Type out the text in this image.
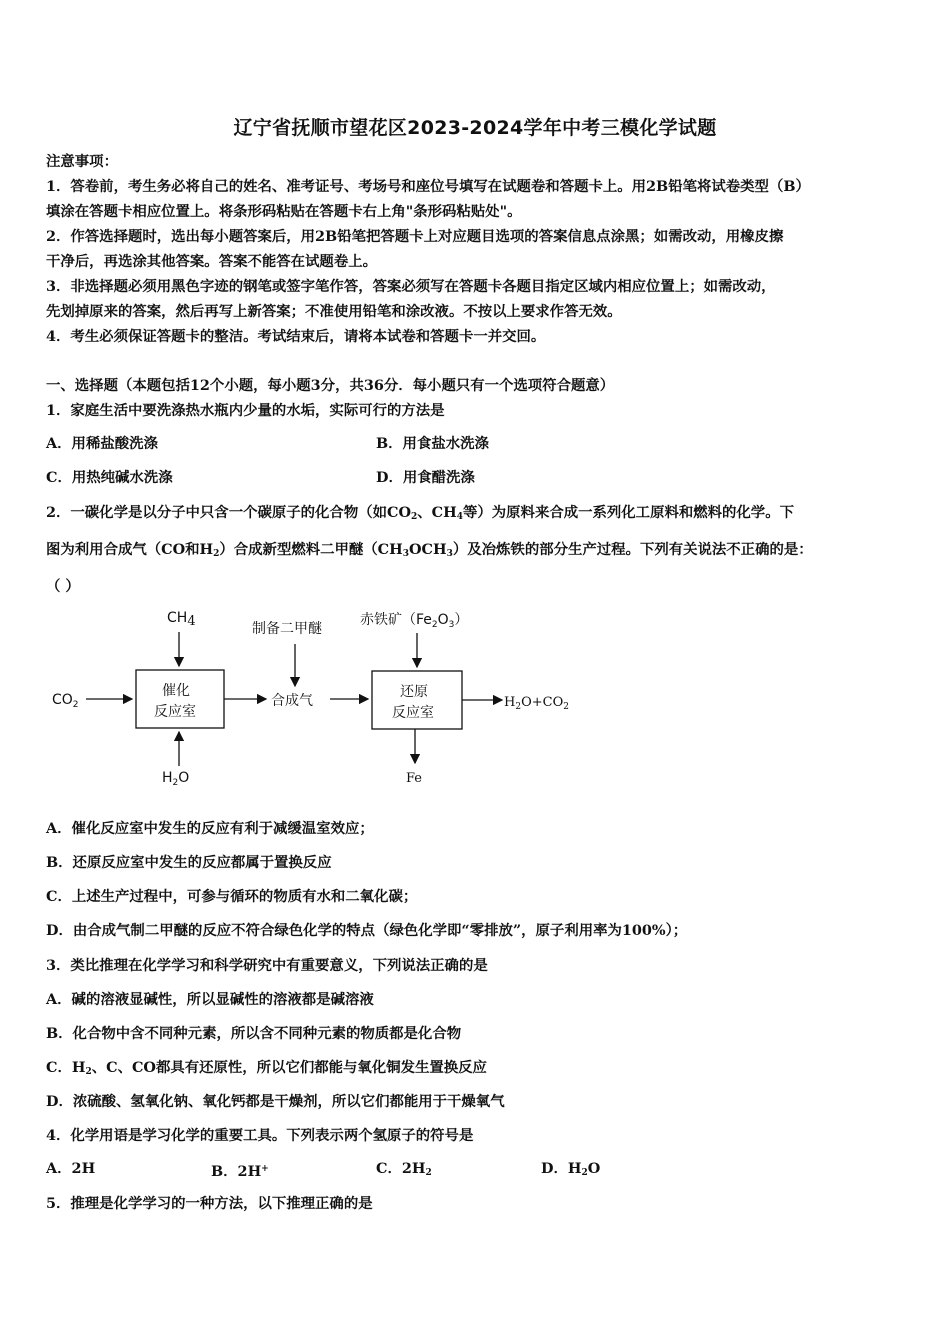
辽宁省抚顺市望花区2023-2024学年中考三模化学试题
注意事项：
1．答卷前，考生务必将自己的姓名、准考证号、考场号和座位号填写在试题卷和答题卡上。用2B铅笔将试卷类型（B）
填涂在答题卡相应位置上。将条形码粘贴在答题卡右上角"条形码粘贴处"。
2．作答选择题时，选出每小题答案后，用2B铅笔把答题卡上对应题目选项的答案信息点涂黑；如需改动，用橡皮擦
干净后，再选涂其他答案。答案不能答在试题卷上。
3．非选择题必须用黑色字迹的钢笔或签字笔作答，答案必须写在答题卡各题目指定区域内相应位置上；如需改动，
先划掉原来的答案，然后再写上新答案；不准使用铅笔和涂改液。不按以上要求作答无效。
4．考生必须保证答题卡的整洁。考试结束后，请将本试卷和答题卡一并交回。
一、选择题（本题包括12个小题，每小题3分，共36分．每小题只有一个选项符合题意）
1．家庭生活中要洗涤热水瓶内少量的水垢，实际可行的方法是
A．用稀盐酸洗涤	B．用食盐水洗涤
C．用热纯碱水洗涤	D．用食醋洗涤
2．一碳化学是以分子中只含一个碳原子的化合物（如$CO_2$、$CH_4$等）为原料来合成一系列化工原料和燃料的化学。下
图为利用合成气（CO和$H_2$）合成新型燃料二甲醚$(CH_3OCH_3)$及冶炼铁的部分生产过程。下列有关说法不正确的是：
（ ）
CH4
催化
反应室
$CO_2$
$H_2O$
制备二甲醚
合成气
赤铁矿$(Fe_2O_3)$
还原
反应室
$H_2O+CO_2$
Fe
A．催化反应室中发生的反应有利于减缓温室效应；
B．还原反应室中发生的反应都属于置换反应
C．上述生产过程中，可参与循环的物质有水和二氧化碳；
D．由合成气制二甲醚的反应不符合绿色化学的特点（绿色化学即“零排放”，原子利用率为100%）；
3．类比推理在化学学习和科学研究中有重要意义，下列说法正确的是
A．碱的溶液显碱性，所以显碱性的溶液都是碱溶液
B．化合物中含不同种元素，所以含不同种元素的物质都是化合物
C．$H_2$、C、CO都具有还原性，所以它们都能与氧化铜发生置换反应
D．浓硫酸、氢氧化钠、氧化钙都是干燥剂，所以它们都能用于干燥氧气
4．化学用语是学习化学的重要工具。下列表示两个氢原子的符号是
A．2H	B．2H+	C．$2H_2$	D．$H_2O$
5．推理是化学学习的一种方法，以下推理正确的是
